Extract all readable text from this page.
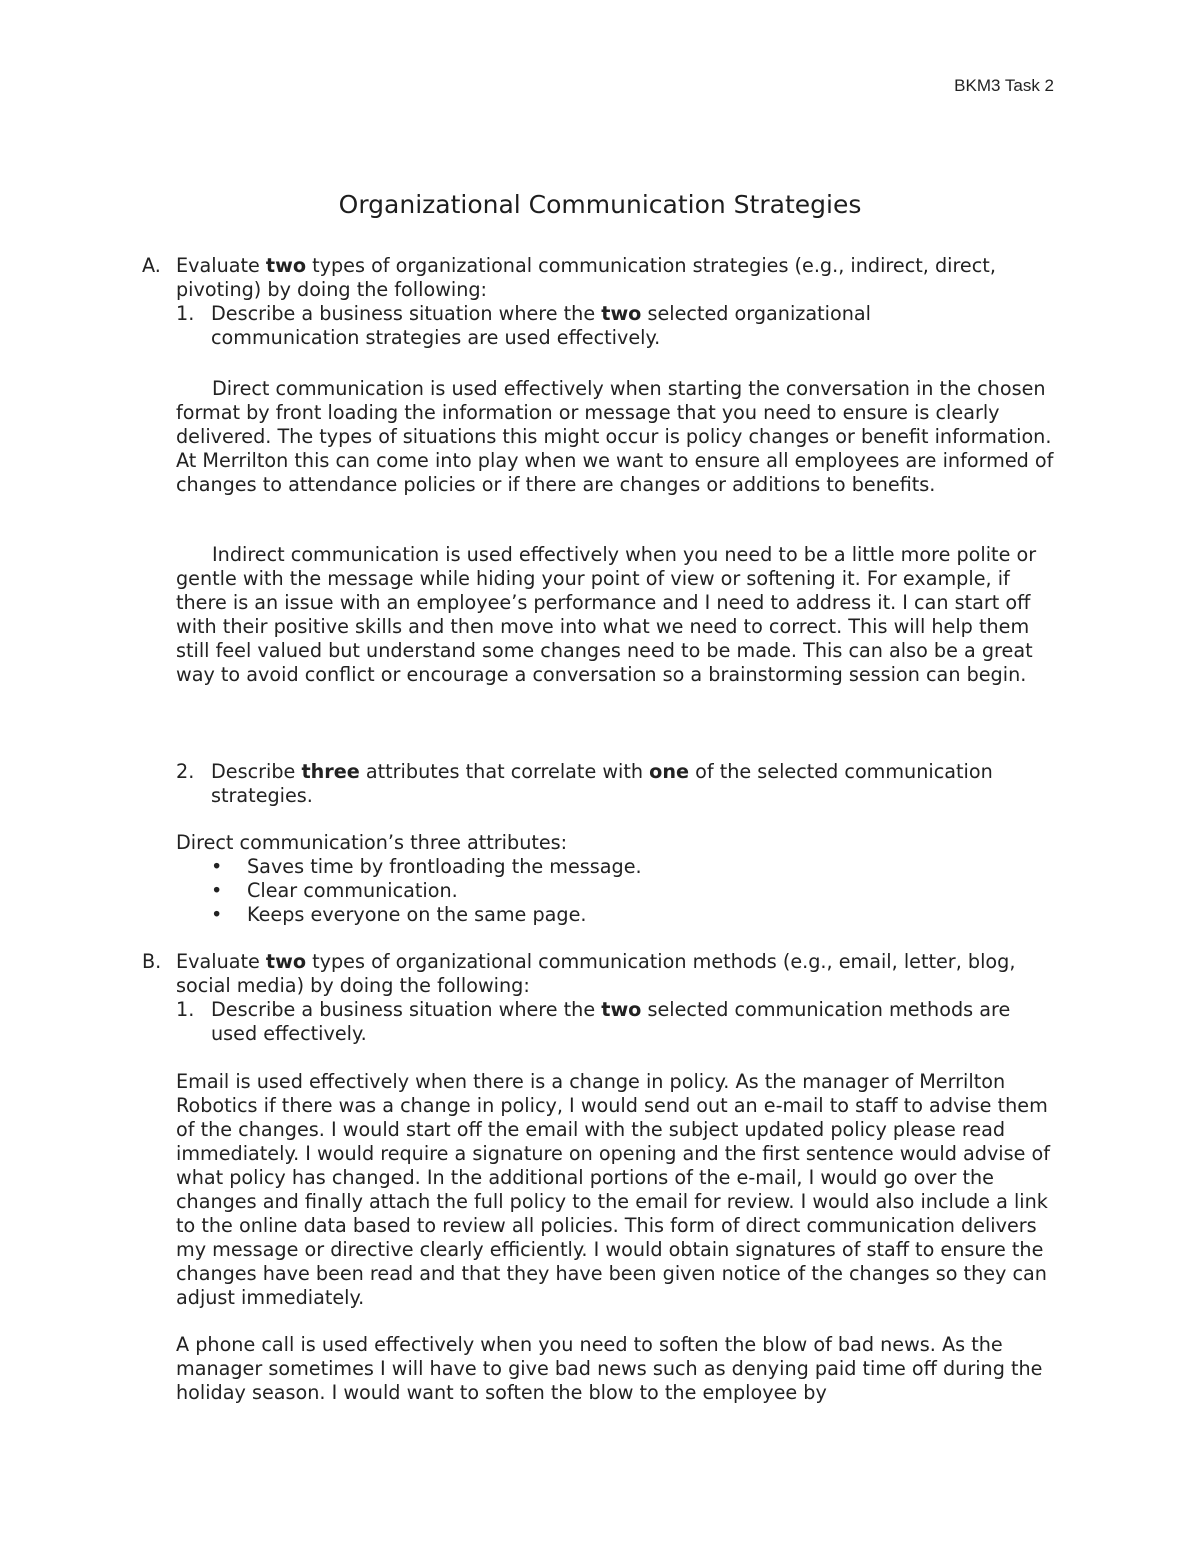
BKM3 Task 2
Organizational Communication Strategies
A. Evaluate two types of organizational communication strategies (e.g., indirect, direct, pivoting) by doing the following:
1. Describe a business situation where the two selected organizational communication strategies are used effectively.

Direct communication is used effectively when starting the conversation in the chosen format by front loading the information or message that you need to ensure is clearly delivered. The types of situations this might occur is policy changes or benefit information. At Merrilton this can come into play when we want to ensure all employees are informed of changes to attendance policies or if there are changes or additions to benefits.

Indirect communication is used effectively when you need to be a little more polite or gentle with the message while hiding your point of view or softening it. For example, if there is an issue with an employee’s performance and I need to address it. I can start off with their positive skills and then move into what we need to correct. This will help them still feel valued but understand some changes need to be made. This can also be a great way to avoid conflict or encourage a conversation so a brainstorming session can begin.

2. Describe three attributes that correlate with one of the selected communication strategies.
Direct communication’s three attributes:
• Saves time by frontloading the message.
• Clear communication.
• Keeps everyone on the same page.
B. Evaluate two types of organizational communication methods (e.g., email, letter, blog, social media) by doing the following:
1. Describe a business situation where the two selected communication methods are used effectively.

Email is used effectively when there is a change in policy. As the manager of Merrilton Robotics if there was a change in policy, I would send out an e-mail to staff to advise them of the changes. I would start off the email with the subject updated policy please read immediately. I would require a signature on opening and the first sentence would advise of what policy has changed. In the additional portions of the e-mail, I would go over the changes and finally attach the full policy to the email for review. I would also include a link to the online data based to review all policies. This form of direct communication delivers my message or directive clearly efficiently. I would obtain signatures of staff to ensure the changes have been read and that they have been given notice of the changes so they can adjust immediately.

A phone call is used effectively when you need to soften the blow of bad news. As the manager sometimes I will have to give bad news such as denying paid time off during the holiday season. I would want to soften the blow to the employee by
